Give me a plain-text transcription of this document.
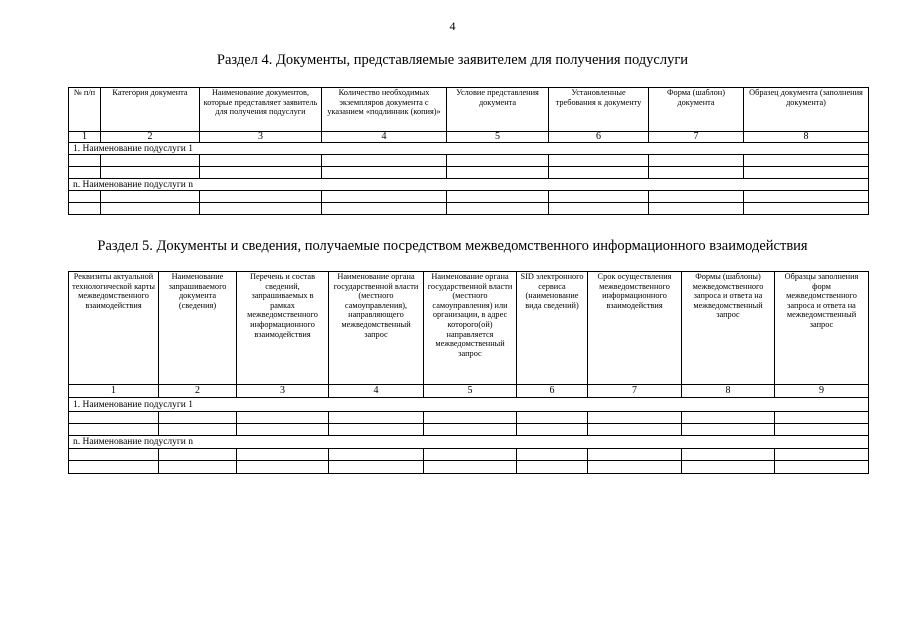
4
Раздел 4. Документы, представляемые заявителем для получения подуслуги
№ п/п	Категория документа	Наименование документов, которые представляет заявитель для получения подуслуги	Количество необходимых экземпляров документа с указанием «подлинник (копия)»	Условие представления документа	Установленные требования к документу	Форма (шаблон) документа	Образец документа (заполнения документа)
1	2	3	4	5	6	7	8
1. Наименование подуслуги 1							

n. Наименование подуслуги n							

Раздел 5. Документы и сведения, получаемые посредством межведомственного информационного взаимодействия
Реквизиты актуальной технологической карты межведомственного взаимодействия	Наименование запрашиваемого документа (сведения)	Перечень и состав сведений, запрашиваемых в рамках межведомственного информационного взаимодействия	Наименование органа государственной власти (местного самоуправления), направляющего межведомственный запрос	Наименование органа государственной власти (местного самоуправления) или организации, в адрес которого(ой) направляется межведомственный запрос	SID электронного сервиса (наименование вида сведений)	Срок осуществления межведомственного информационного взаимодействия	Формы (шаблоны) межведомственного запроса и ответа на межведомственный запрос	Образцы заполнения форм межведомственного запроса и ответа на межведомственный запрос
1	2	3	4	5	6	7	8	9
1. Наименование подуслуги 1								

n. Наименование подуслуги n								
